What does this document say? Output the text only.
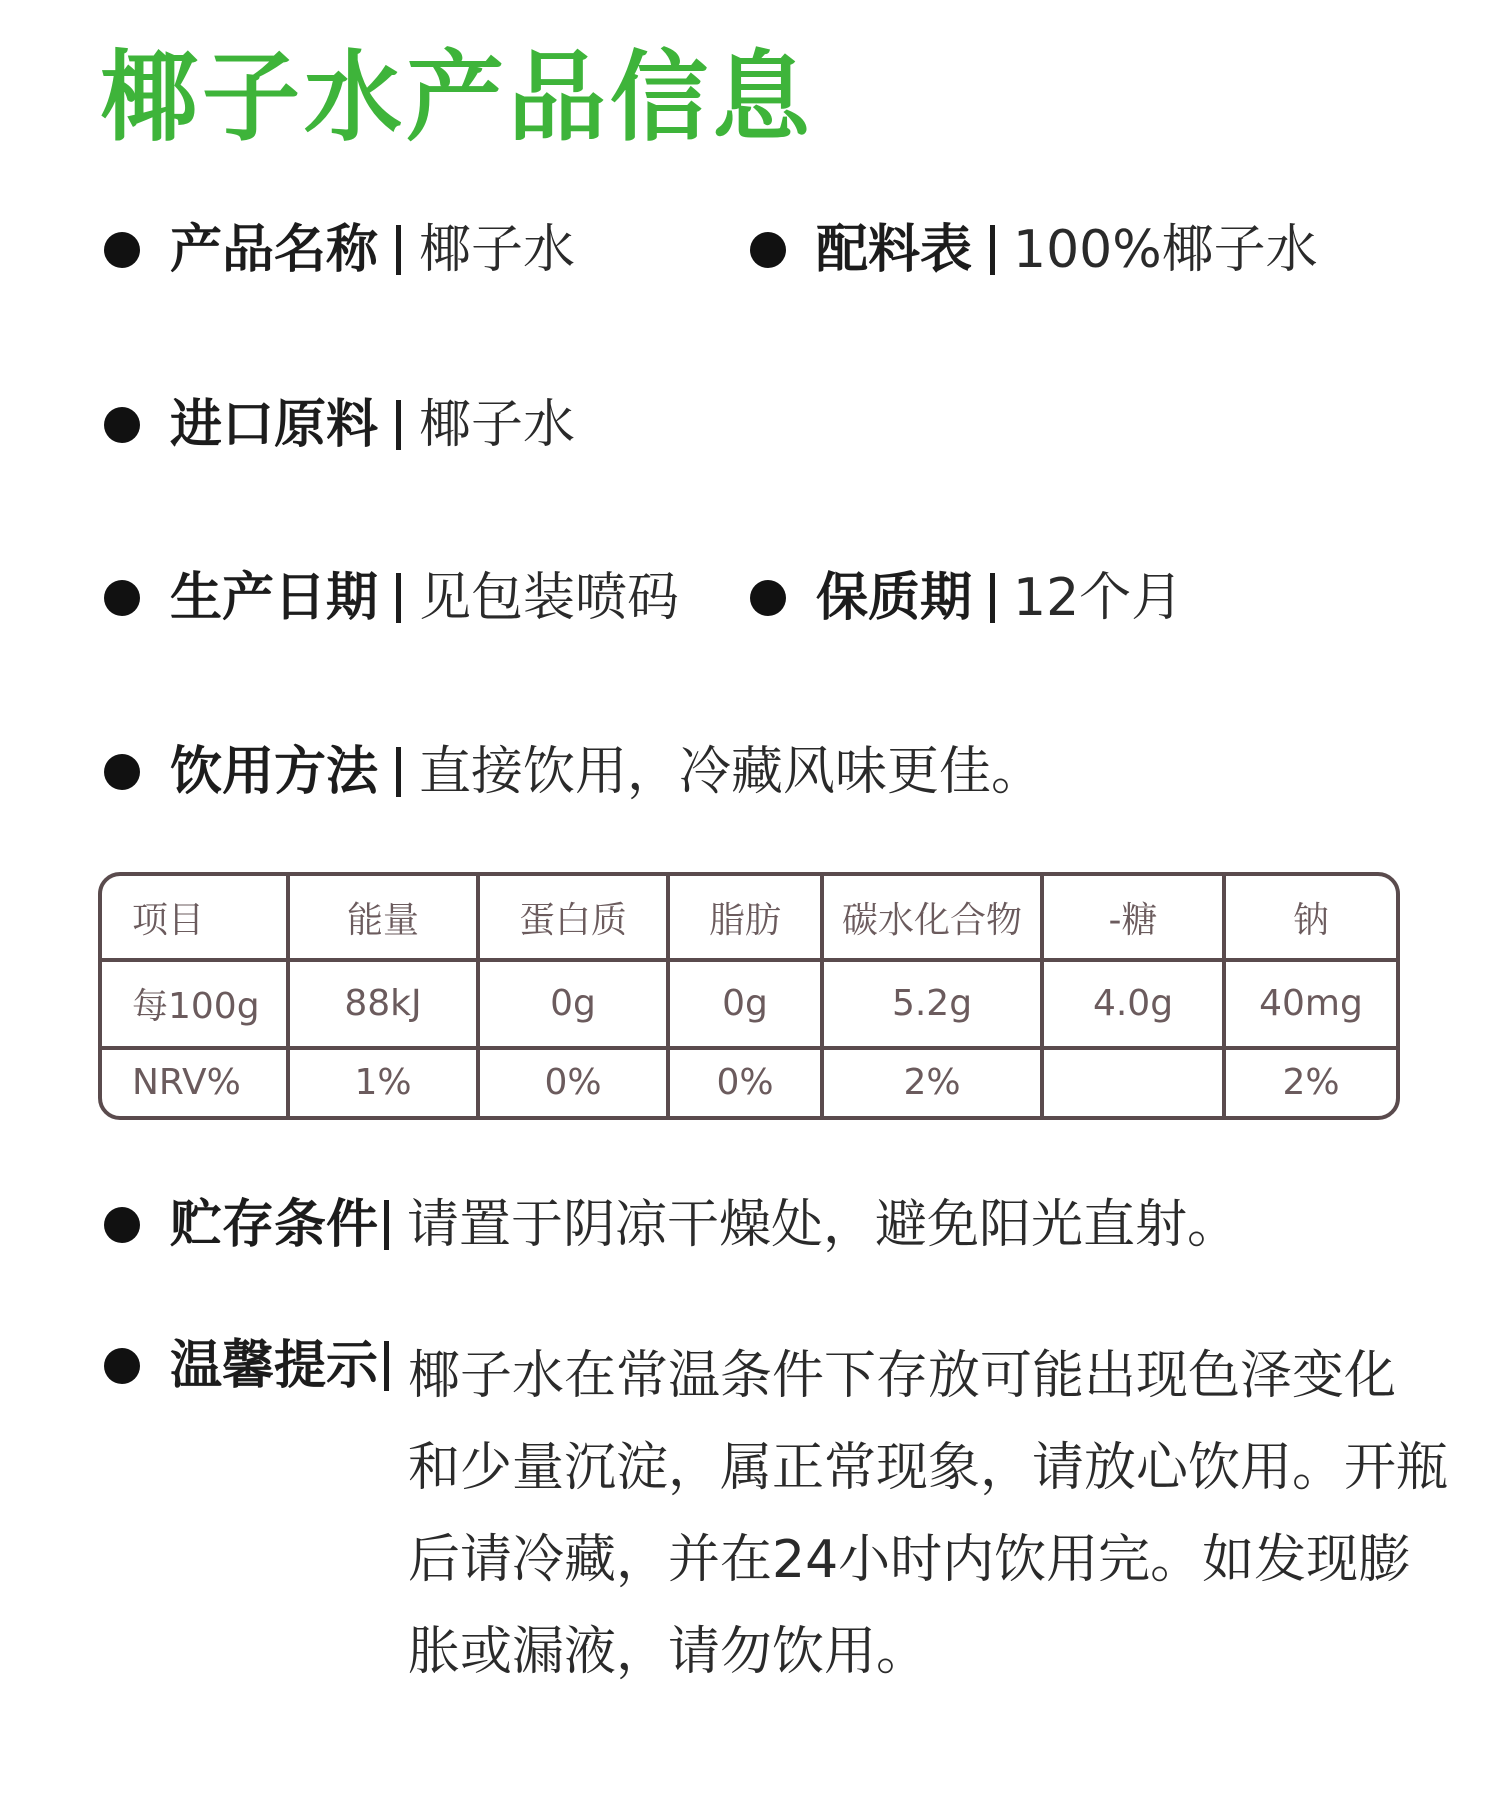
椰子水产品信息
产品名称 椰子水	配料表 100%椰子水
进口原料 椰子水
生产日期 见包装喷码	保质期 12个月
饮用方法 直接饮用，冷藏风味更佳。
项目	能量	蛋白质	脂肪	碳水化合物	-糖	钠
每100g	88kJ	0g	0g	5.2g	4.0g	40mg
NRV%	1%	0%	0%	2%		2%
贮存条件 请置于阴凉干燥处，避免阳光直射。
温馨提示 椰子水在常温条件下存放可能出现色泽变化
和少量沉淀，属正常现象，请放心饮用。开瓶
后请冷藏，并在24小时内饮用完。如发现膨
胀或漏液，请勿饮用。
